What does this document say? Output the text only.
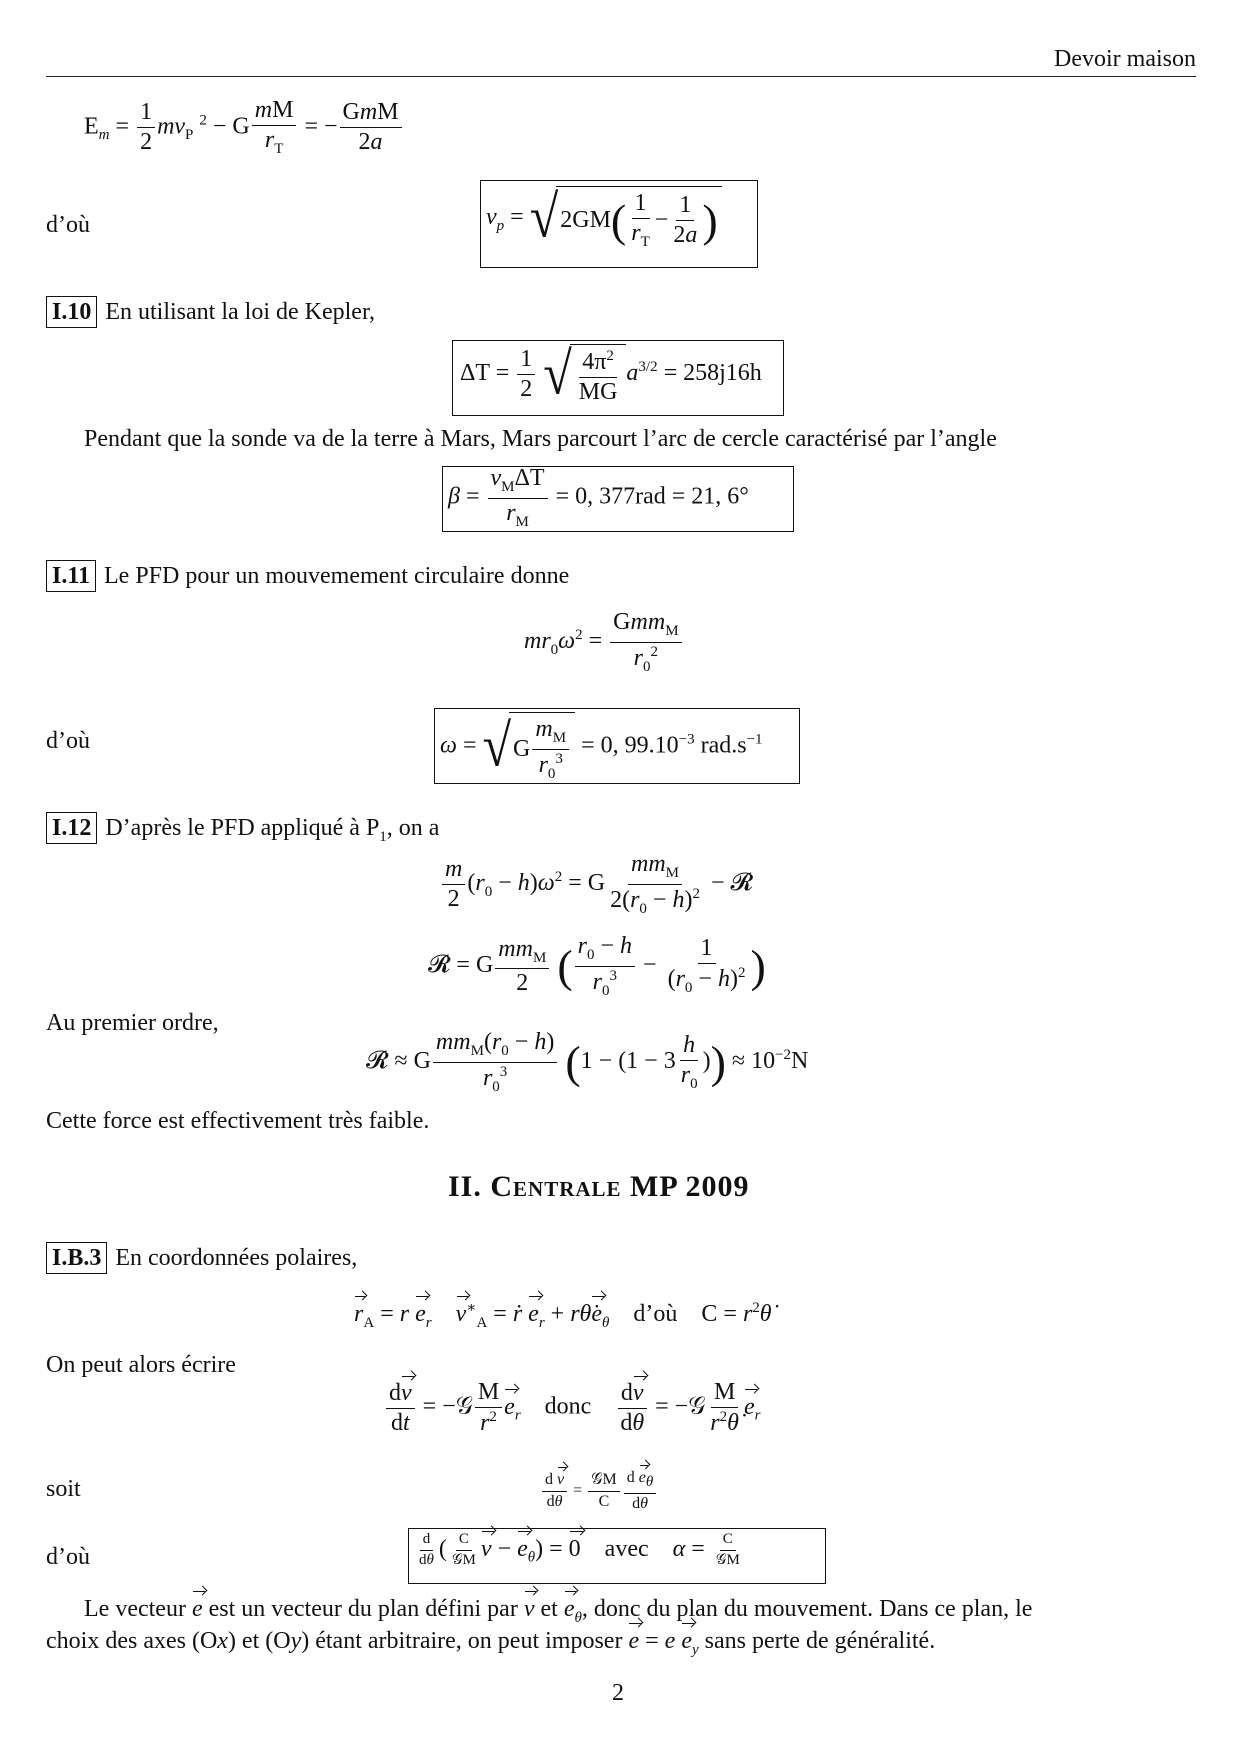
Devoir maison
$E_m = \frac{1}{2} mv_P$ $^2$ − G $\frac{mM}{r_T}$ = − $\frac{\text{GmM}}{2a}$
d’où	$v_p$ = √ 2GM ( $\frac{1}{r_T} - \frac{1}{2a}$ )
I.10 En utilisant la loi de Kepler,
$\Delta T = \frac{1}{2}$
√ $\frac{4\pi^2}{MG} a^{3/2} = 258j16h$
Pendant que la sonde va de la terre à Mars, Mars parcourt l’arc de cercle caractérisé par l’angle
$\beta = \frac{v_M\Delta T}{r_M} = 0$, 377rad = 21, 6°
I.11 Le PFD pour un mouvemement circulaire donne
$mr_0\omega^2 = \frac{Gmm_M}{r_0^2}$
d’où	ω = √ G $\frac{m_M}{r_0^3} = 0$, $99.10^{-3}$ $rad.s^{-1}$
I.12 D’après le PFD appliqué à $P_1$, on a
$\frac{m}{2} (r_0 - h)\omega^2 = G \frac{mm_M}{2(r_0 - h)^2}$ − 𝓡
𝓡 = G $\frac{mm_M}{2}$ ( $\frac{r_0 - h}{r_0^3} - \frac{1}{(r_0 - h)^2}$ )
Au premier ordre,
𝓡 ≈ G $\frac{mm_M(r_0 - h)}{r_0^3} (1 - (1 - 3 \frac{h}{r_0}$ )) ≈ $10^{-2}N$
Cette force est effectivement très faible.
II. Centrale MP 2009
I.B.3 En coordonnées polaires,
$r_A = r$ $e_r$ $v^∗_A$ = ṙ $e_r$ + $r\thetȧe_\theta$ d’où    $C = r^2\thetȧ$
On peut alors écrire
$\frac{dv}{dt}$ = −𝒢 $\frac{M}{r^2} e_r$ donc $\frac{dv}{d\theta}$ = −𝒢 $\frac{M}{r^2\thetȧ} e_r$
soit	$\frac{\text{d v}}{d\theta} = \frac{\text{𝒢M}}{C} \frac{d e_\theta}{d\theta}$
d’où	$\frac{d}{d\theta}$ ( $\frac{C}{\text{𝒢M}}$ $v - e_\theta) = 0$ avec $\alpha = \frac{C}{\text{𝒢M}}$
Le vecteur e est un vecteur du plan défini par v et $e_\theta$, donc du plan du mouvement. Dans ce plan, le
choix des axes (Ox) et (Oy) étant arbitraire, on peut imposer e = e $e_y$ sans perte de généralité.
2
